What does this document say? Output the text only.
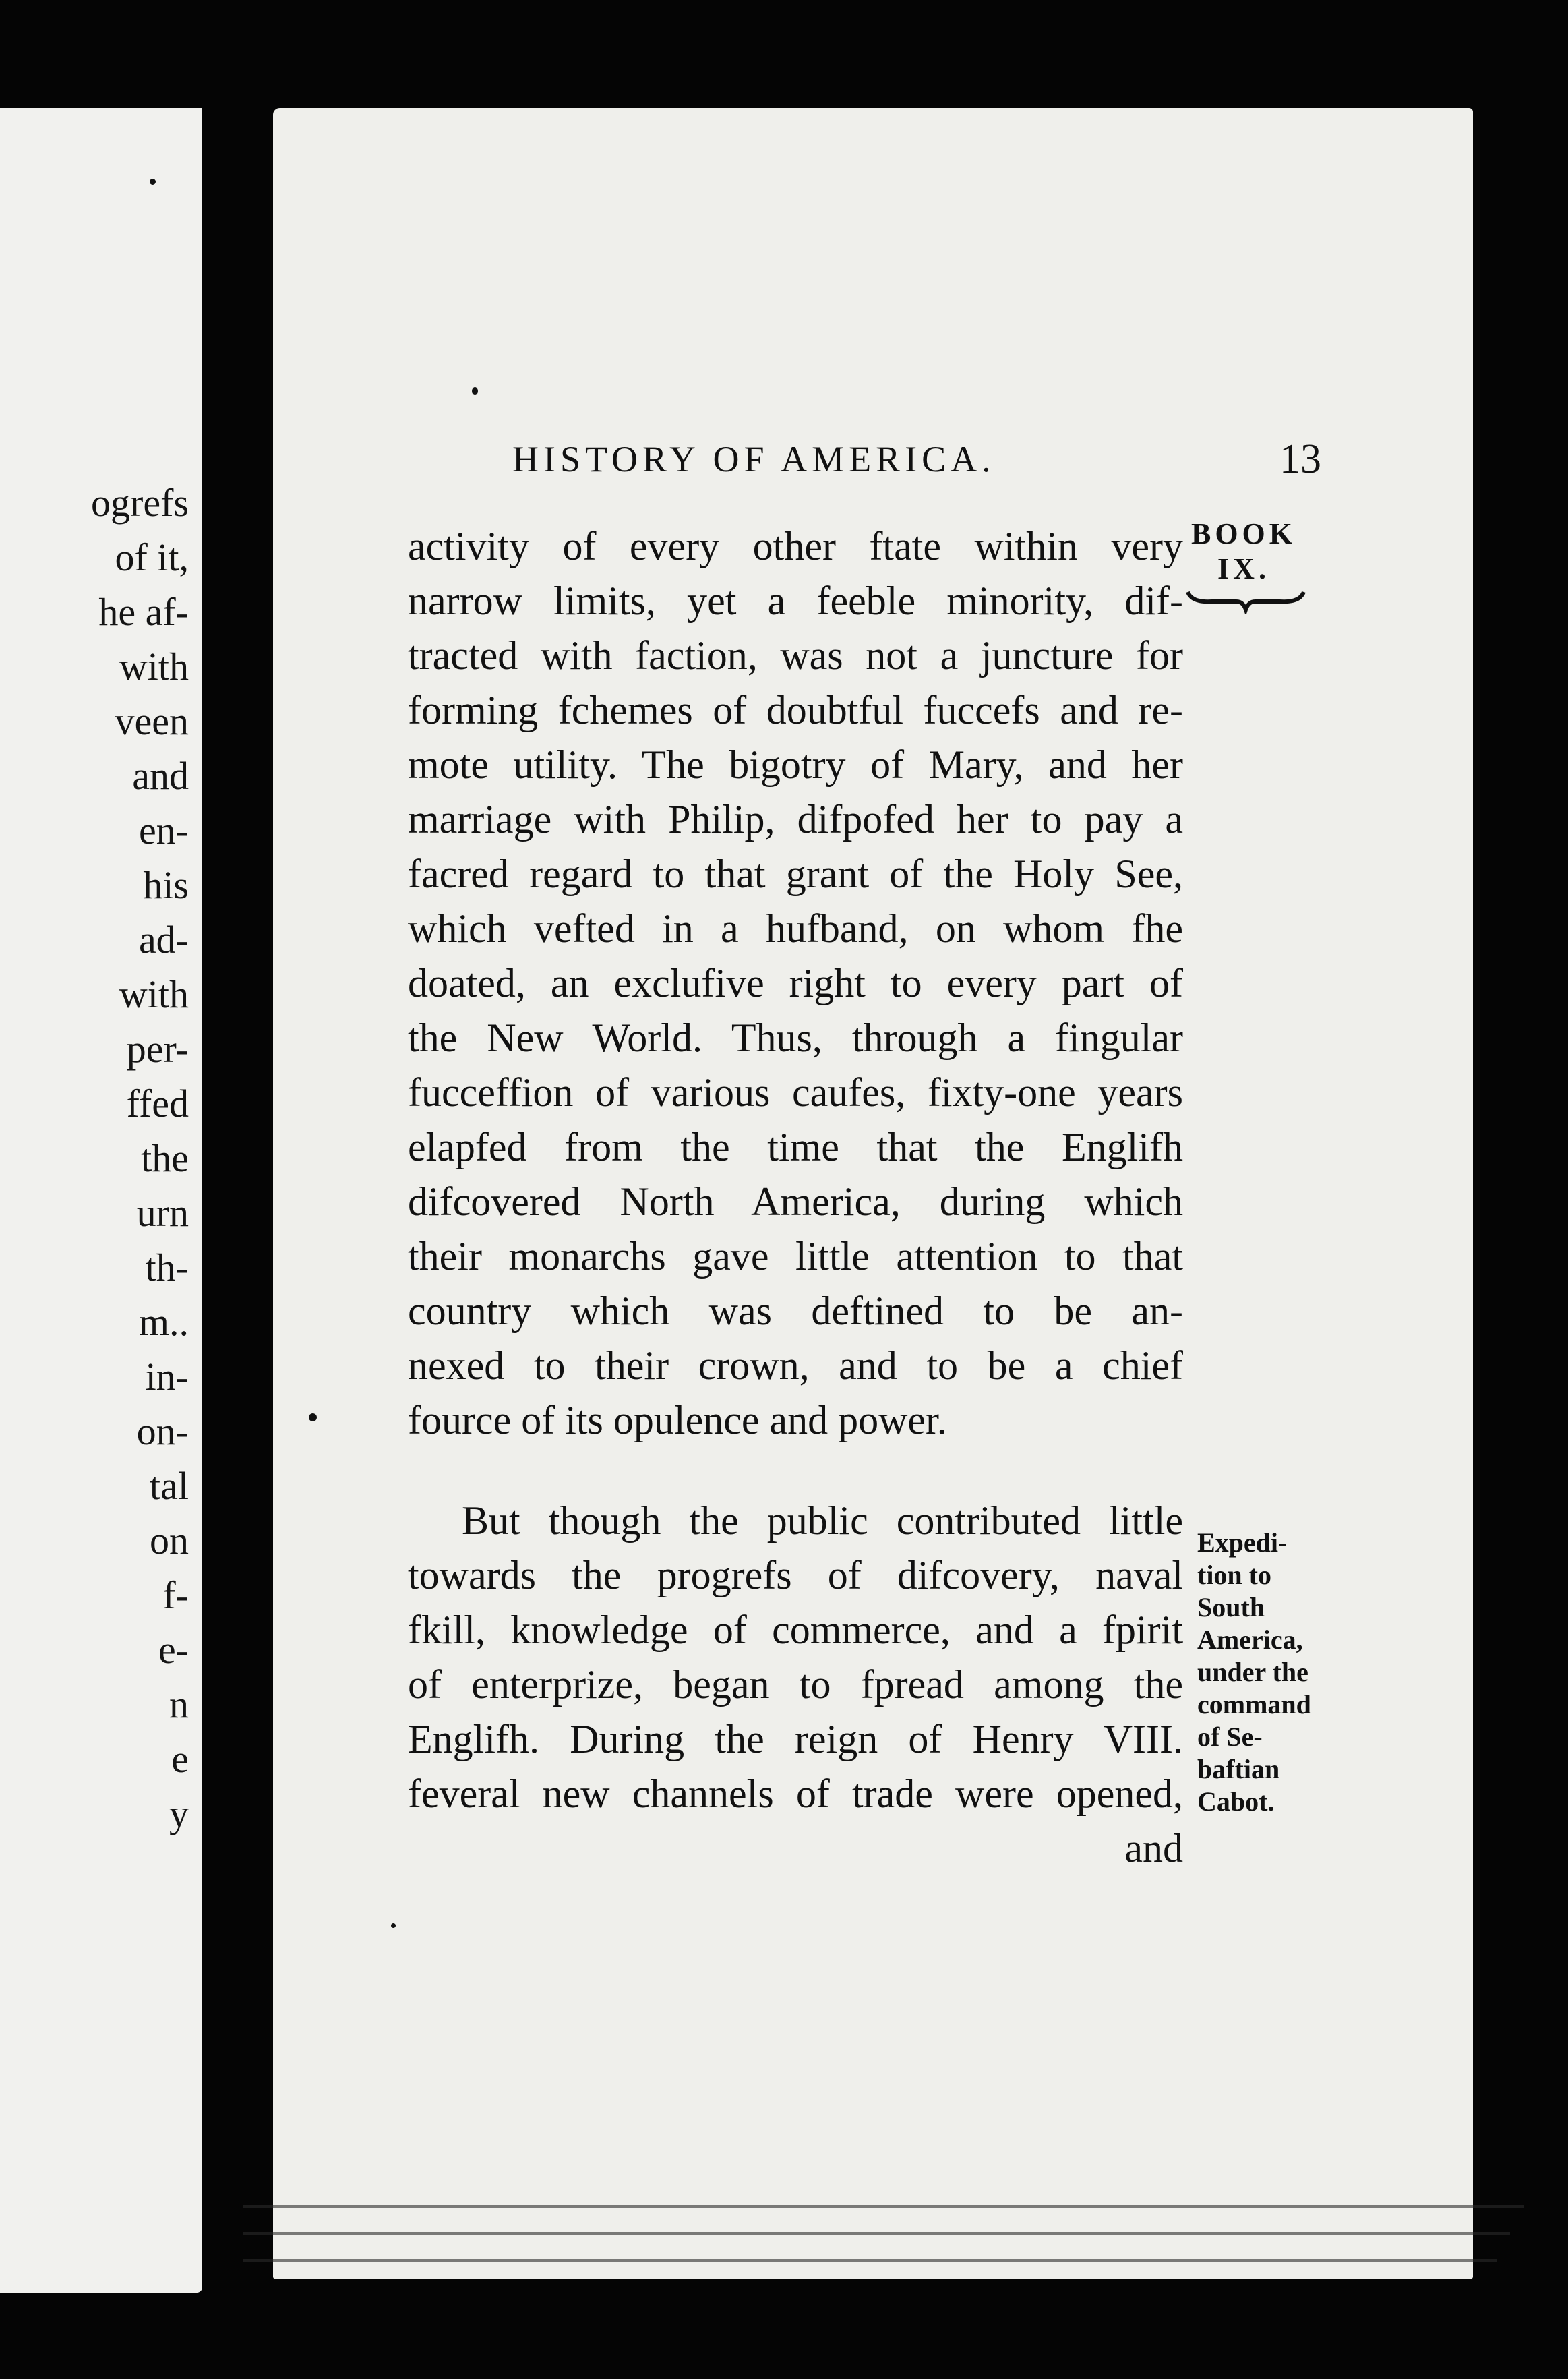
ogrefs
of it,
he af-
with
veen
and
en-
his
ad-
with
per-
ffed
the
urn
th-
m..
in-
on-
tal
on
f-
e-
n
e
y
HISTORY OF AMERICA.	13
BOOK
IX.
activity of every other ftate within very
narrow limits, yet a feeble minority, dif-
tracted with faction, was not a juncture for
forming fchemes of doubtful fuccefs and re-
mote utility. The bigotry of Mary, and her
marriage with Philip, difpofed her to pay a
facred regard to that grant of the Holy See,
which vefted in a hufband, on whom fhe
doated, an exclufive right to every part of
the New World. Thus, through a fingular
fucceffion of various caufes, fixty-one years
elapfed from the time that the Englifh
difcovered North America, during which
their monarchs gave little attention to that
country which was deftined to be an-
nexed to their crown, and to be a chief
fource of its opulence and power.
But though the public contributed little
towards the progrefs of difcovery, naval
fkill, knowledge of commerce, and a fpirit
of enterprize, began to fpread among the
Englifh. During the reign of Henry VIII.
feveral new channels of trade were opened,
and
Expedi-
tion to
South
America,
under the
command
of Se-
baftian
Cabot.
